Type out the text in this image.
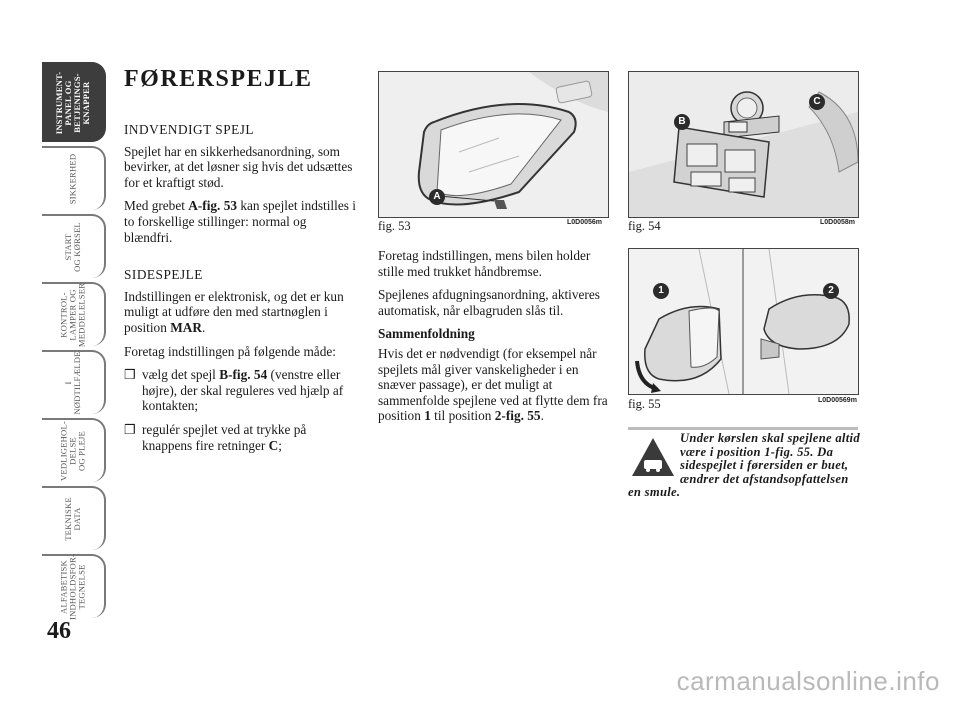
INSTRUMENT-
PANEL OG
BETJENINGS-
KNAPPER
SIKKERHED
START
OG KØRSEL
KONTROL-
LAMPER OG
MEDDELELSER
I
NØDTILFÆLDE
VEDLIGEHOL-
DELSE
OG PLEJE
TEKNISKE
DATA
ALFABETISK
INDHOLDSFOR-
TEGNELSE
46
FØRERSPEJLE
INDVENDIGT SPEJL

Spejlet har en sikkerhedsanordning, som bevirker, at det løsner sig hvis det udsættes for et kraftigt stød.

Med grebet A-fig. 53 kan spejlet indstilles i to forskellige stillinger: normal og blændfri.

SIDESPEJLE

Indstillingen er elektronisk, og det er kun muligt at udføre den med startnøglen i position MAR.

Foretag indstillingen på følgende måde:

❒ vælg det spejl B-fig. 54 (venstre eller højre), der skal reguleres ved hjælp af kontakten;
❒ regulér spejlet ved at trykke på knappens fire retninger C;
A
fig. 53	L0D0056m

Foretag indstillingen, mens bilen holder stille med trukket håndbremse.

Spejlenes afdugningsanordning, aktiveres automatisk, når elbagruden slås til.

Sammenfoldning

Hvis det er nødvendigt (for eksempel når spejlets mål giver vanskeligheder i en snæver passage), er det muligt at sammenfolde spejlene ved at flytte dem fra position 1 til position 2-fig. 55.

B
C
fig. 54	L0D0058m
1	2
fig. 55	L0D00569m
Under kørslen skal spejlene altid være i position 1-fig. 55. Da sidespejlet i førersiden er buet, ændrer det afstandsopfattelsen en smule.
carmanualsonline.info
